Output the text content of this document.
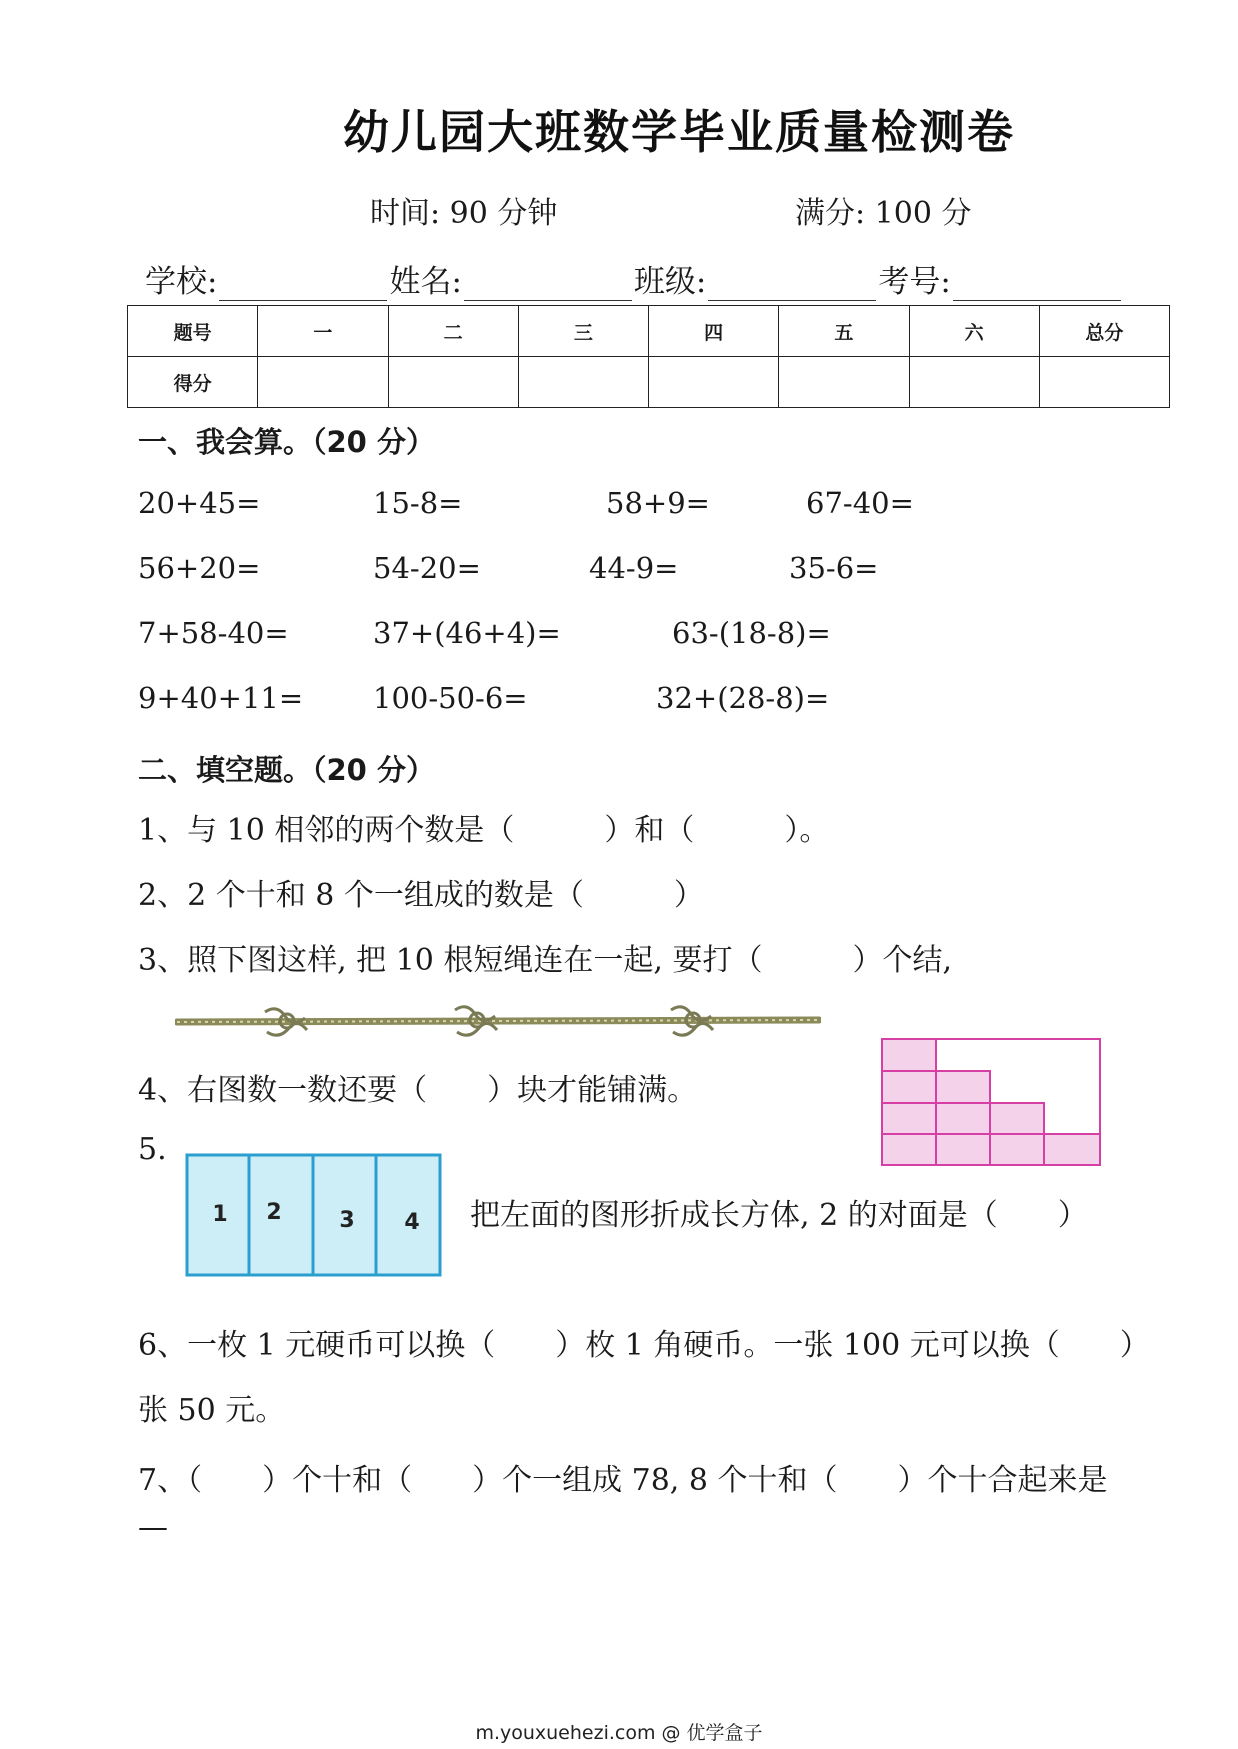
幼儿园大班数学毕业质量检测卷
时间: 90 分钟	满分: 100 分
学校:	姓名:	班级:	考号:
题号	一	二	三	四	五	六	总分
得分							
一、我会算。（20 分）
20+45=	15-8=	58+9=	67-40=
56+20=	54-20=	44-9=	35-6=
7+58-40=	37+(46+4)=	63-(18-8)=
9+40+11= 100-50-6=	32+(28-8)=
二、填空题。（20 分）
1、与 10 相邻的两个数是（　　　）和（　　　）。
2、2 个十和 8 个一组成的数是（　　　）
3、照下图这样, 把 10 根短绳连在一起, 要打（　　　）个结,
4、右图数一数还要（　　）块才能铺满。
5.
1 2	3 4 把左面的图形折成长方体, 2 的对面是（　　）
6、一枚 1 元硬币可以换（　　）枚 1 角硬币。一张 100 元可以换（　　）
张 50 元。
7、（　　）个十和（　　）个一组成 78, 8 个十和（　　）个十合起来是
—
m.youxuehezi.com @ 优学盒子
